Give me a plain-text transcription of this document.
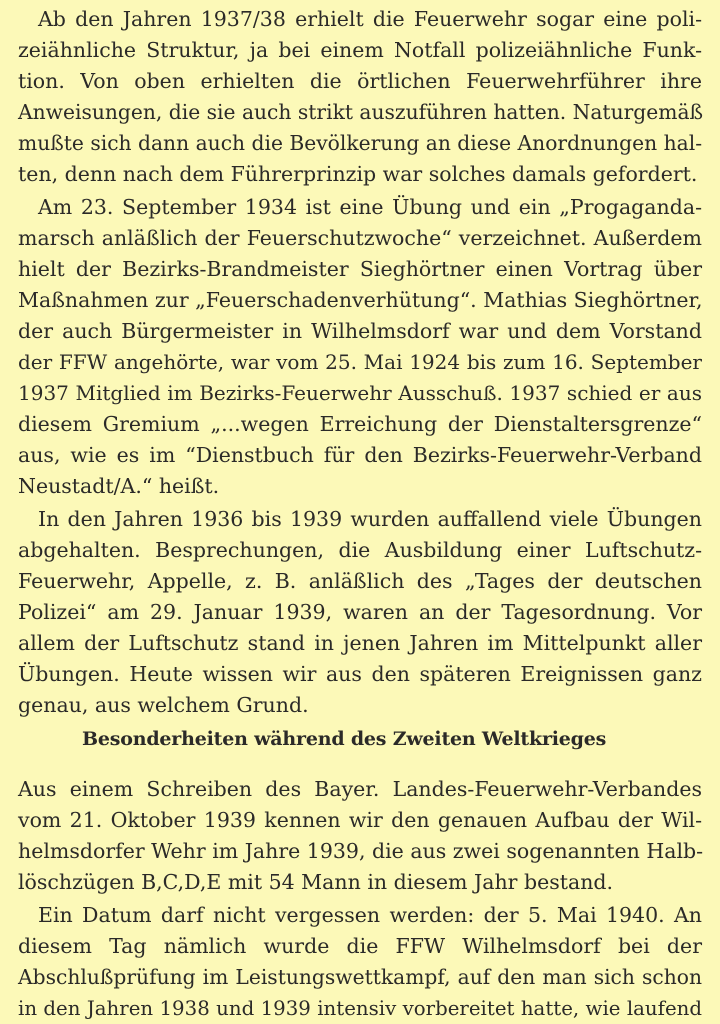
Ab den Jahren 1937/38 erhielt die Feuerwehr sogar eine poli-
zeiähnliche Struktur, ja bei einem Notfall polizeiähnliche Funk-
tion. Von oben erhielten die örtlichen Feuerwehrführer ihre
Anweisungen, die sie auch strikt auszuführen hatten. Naturgemäß
mußte sich dann auch die Bevölkerung an diese Anordnungen hal-
ten, denn nach dem Führerprinzip war solches damals gefordert.
Am 23. September 1934 ist eine Übung und ein „Progaganda-
marsch anläßlich der Feuerschutzwoche“ verzeichnet. Außerdem
hielt der Bezirks-Brandmeister Sieghörtner einen Vortrag über
Maßnahmen zur „Feuerschadenverhütung“. Mathias Sieghörtner,
der auch Bürgermeister in Wilhelmsdorf war und dem Vorstand
der FFW angehörte, war vom 25. Mai 1924 bis zum 16. September
1937 Mitglied im Bezirks-Feuerwehr Ausschuß. 1937 schied er aus
diesem Gremium „...wegen Erreichung der Dienstaltersgrenze“
aus, wie es im “Dienstbuch für den Bezirks-Feuerwehr-Verband
Neustadt/A.“ heißt.
In den Jahren 1936 bis 1939 wurden auffallend viele Übungen
abgehalten. Besprechungen, die Ausbildung einer Luftschutz-
Feuerwehr, Appelle, z. B. anläßlich des „Tages der deutschen
Polizei“ am 29. Januar 1939, waren an der Tagesordnung. Vor
allem der Luftschutz stand in jenen Jahren im Mittelpunkt aller
Übungen. Heute wissen wir aus den späteren Ereignissen ganz
genau, aus welchem Grund.
Besonderheiten während des Zweiten Weltkrieges
Aus einem Schreiben des Bayer. Landes-Feuerwehr-Verbandes
vom 21. Oktober 1939 kennen wir den genauen Aufbau der Wil-
helmsdorfer Wehr im Jahre 1939, die aus zwei sogenannten Halb-
löschzügen B,C,D,E mit 54 Mann in diesem Jahr bestand.
Ein Datum darf nicht vergessen werden: der 5. Mai 1940. An
diesem Tag nämlich wurde die FFW Wilhelmsdorf bei der
Abschlußprüfung im Leistungswettkampf, auf den man sich schon
in den Jahren 1938 und 1939 intensiv vorbereitet hatte, wie laufend
